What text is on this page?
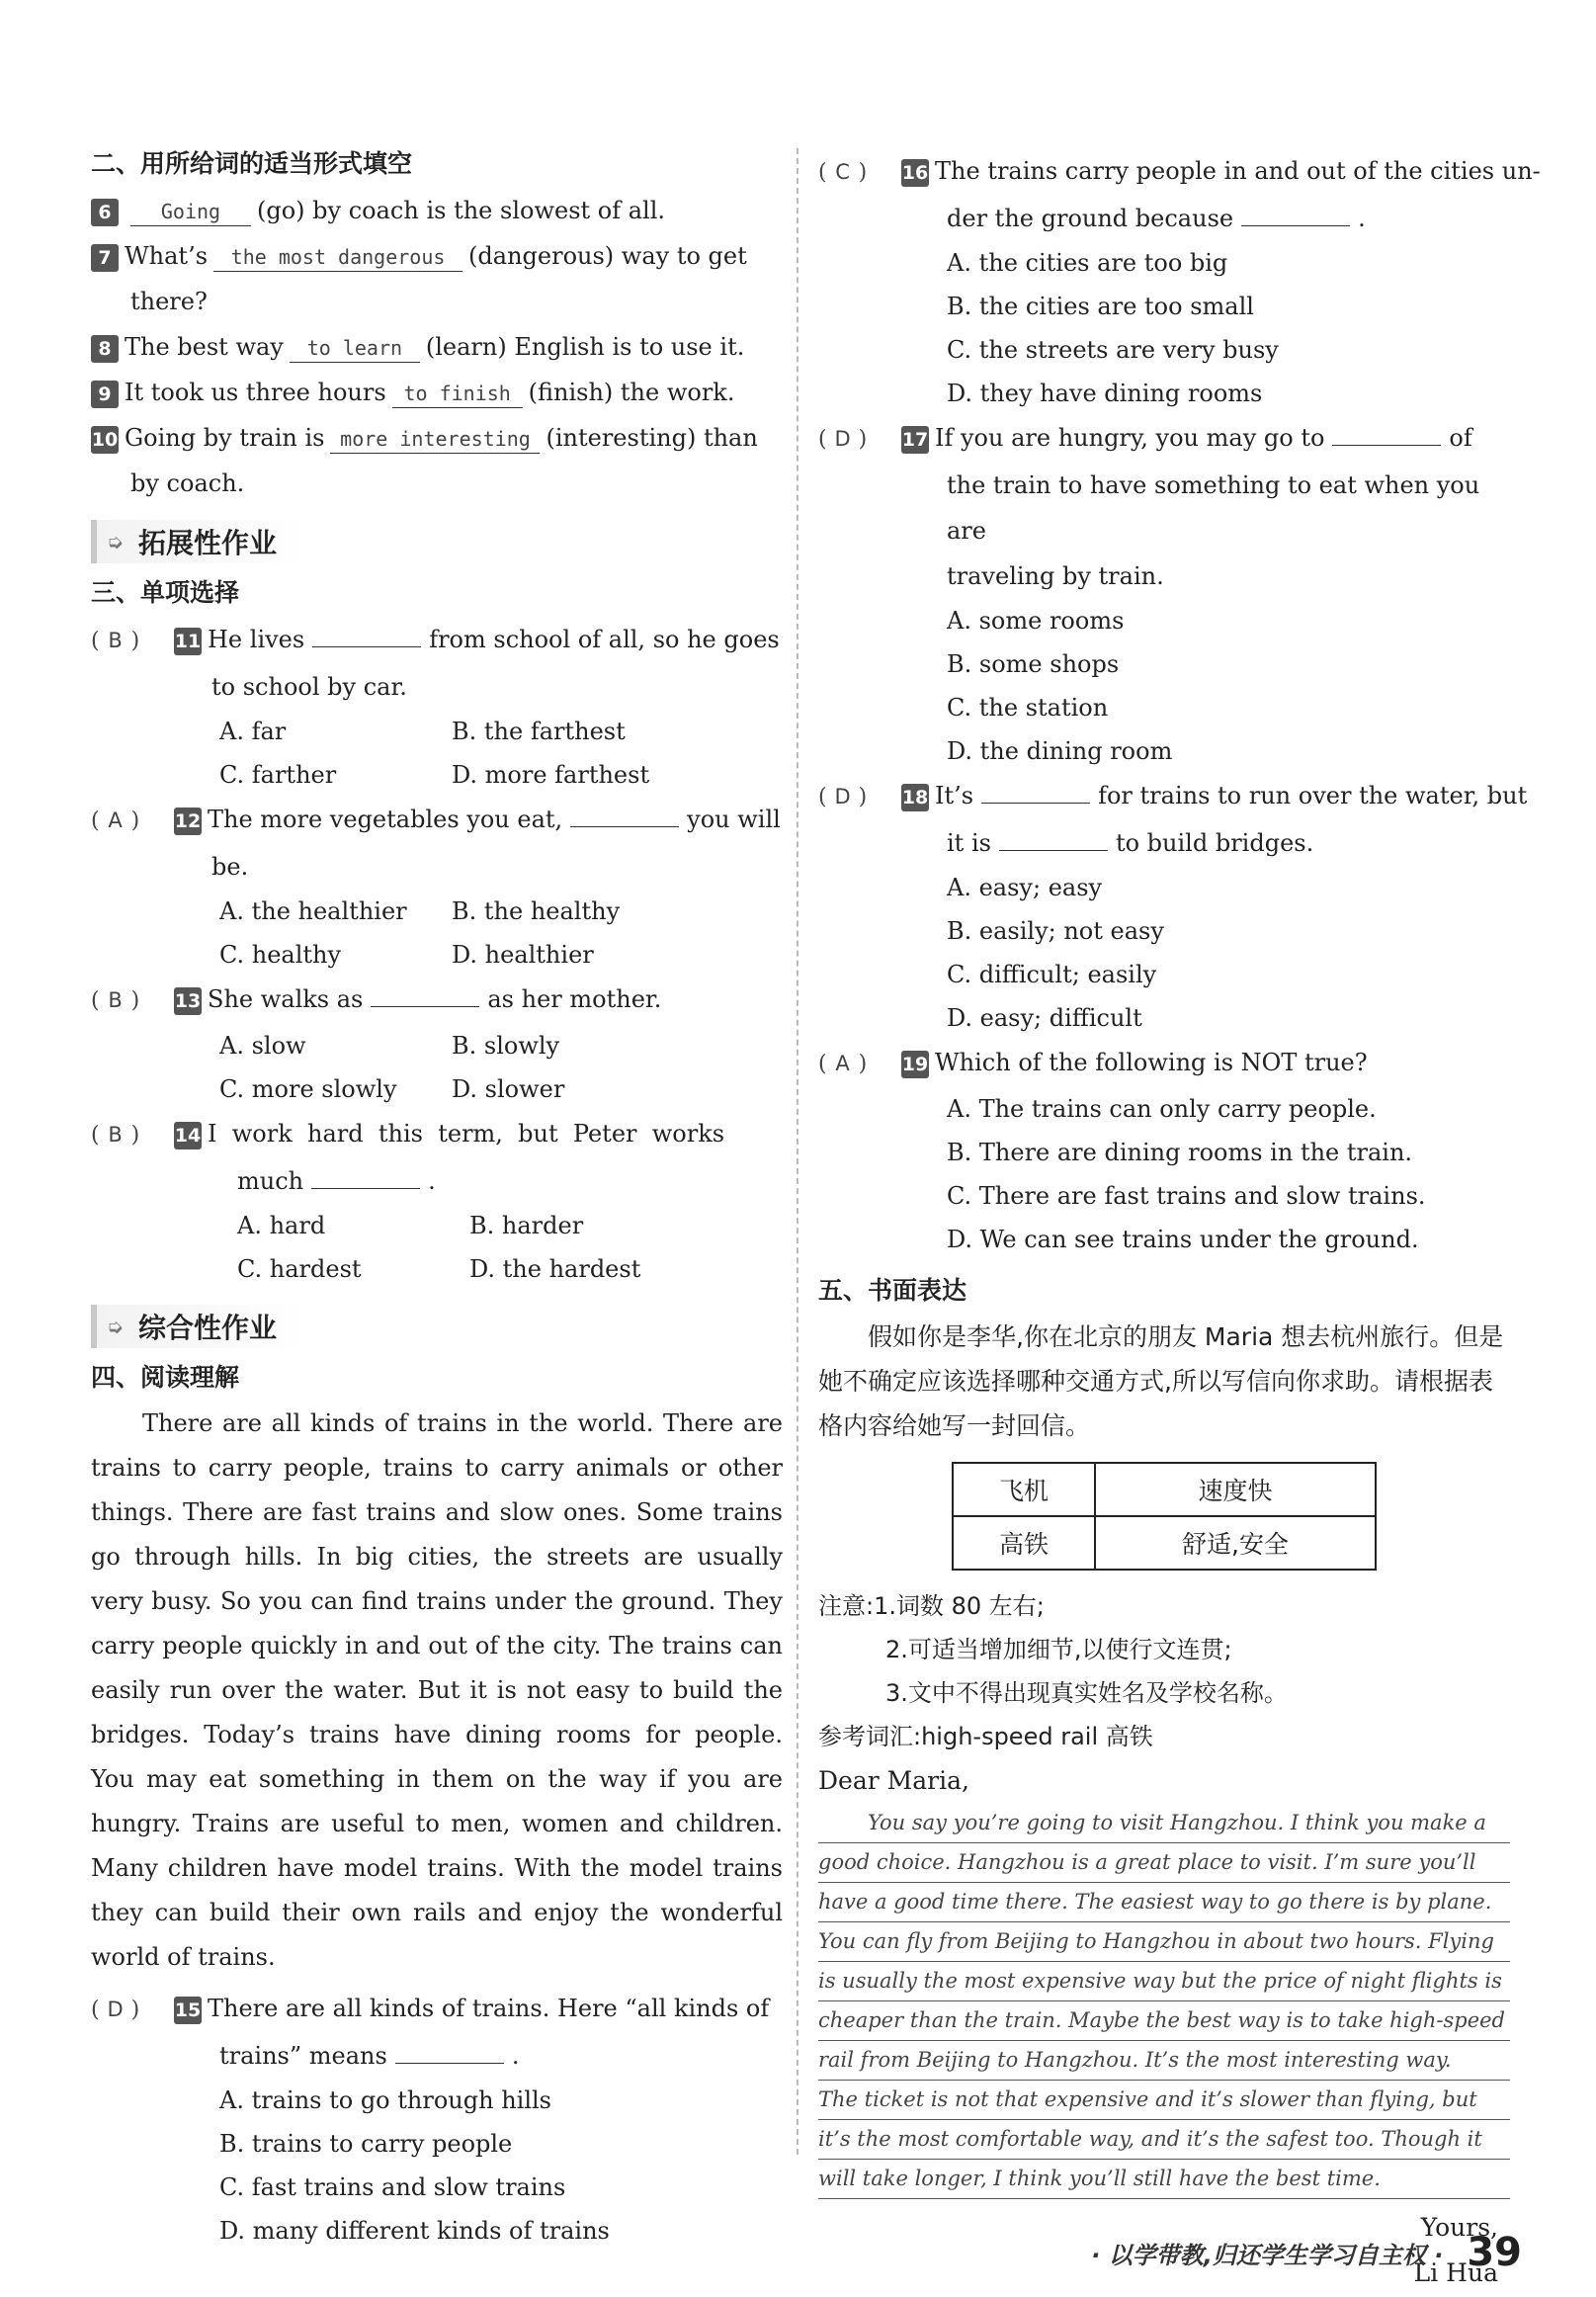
二、用所给词的适当形式填空
6	Going (go) by coach is the slowest of all.
7 What’s the most dangerous (dangerous) way to get
there?
8 The best way to learn (learn) English is to use it.
9 It took us three hours to finish (finish) the work.
10 Going by train is more interesting (interesting) than
by coach.
➭ 拓展性作业
三、单项选择
( B ) 11 He lives	from school of all, so he goes
to school by car.
A. far	B. the farthest
C. farther	D. more farthest
( A ) 12 The more vegetables you eat,	you will
be.
A. the healthier	B. the healthy
C. healthy	D. healthier
( B ) 13 She walks as	as her mother.
A. slow	B. slowly
C. more slowly	D. slower
( B ) 14 I  work  hard  this  term,  but  Peter  works
much	.
A. hard	B. harder
C. hardest	D. the hardest
➭ 综合性作业
四、阅读理解
There are all kinds of trains in the world. There are trains to carry people, trains to carry animals or other things. There are fast trains and slow ones. Some trains go through hills. In big cities, the streets are usually very busy. So you can find trains under the ground. They carry people quickly in and out of the city. The trains can easily run over the water. But it is not easy to build the bridges. Today’s trains have dining rooms for people. You may eat something in them on the way if you are hungry. Trains are useful to men, women and children. Many children have model trains. With the model trains they can build their own rails and enjoy the wonderful world of trains.
( D ) 15 There are all kinds of trains. Here “all kinds of
trains” means	.
A. trains to go through hills
B. trains to carry people
C. fast trains and slow trains
D. many different kinds of trains
( C ) 16 The trains carry people in and out of the cities un-
der the ground because	.
A. the cities are too big
B. the cities are too small
C. the streets are very busy
D. they have dining rooms
( D ) 17 If you are hungry, you may go to	of
the train to have something to eat when you are
traveling by train.
A. some rooms
B. some shops
C. the station
D. the dining room
( D ) 18 It’s	for trains to run over the water, but
it is	to build bridges.
A. easy; easy
B. easily; not easy
C. difficult; easily
D. easy; difficult
( A ) 19 Which of the following is NOT true?
A. The trains can only carry people.
B. There are dining rooms in the train.
C. There are fast trains and slow trains.
D. We can see trains under the ground.
五、书面表达
假如你是李华,你在北京的朋友 Maria 想去杭州旅行。但是她不确定应该选择哪种交通方式,所以写信向你求助。请根据表格内容给她写一封回信。
飞机	速度快
高铁	舒适,安全
注意:1.词数 80 左右;
2.可适当增加细节,以使行文连贯;
3.文中不得出现真实姓名及学校名称。
参考词汇:high-speed rail 高铁
Dear Maria,
You say you’re going to visit Hangzhou. I think you make a
good choice. Hangzhou is a great place to visit. I’m sure you’ll
have a good time there. The easiest way to go there is by plane.
You can fly from Beijing to Hangzhou in about two hours. Flying
is usually the most expensive way but the price of night flights is
cheaper than the train. Maybe the best way is to take high-speed
rail from Beijing to Hangzhou. It’s the most interesting way.
The ticket is not that expensive and it’s slower than flying, but
it’s the most comfortable way, and it’s the safest too. Though it
will take longer, I think you’ll still have the best time.
Yours,
Li Hua
· 以学带教,归还学生学习自主权 · 39
